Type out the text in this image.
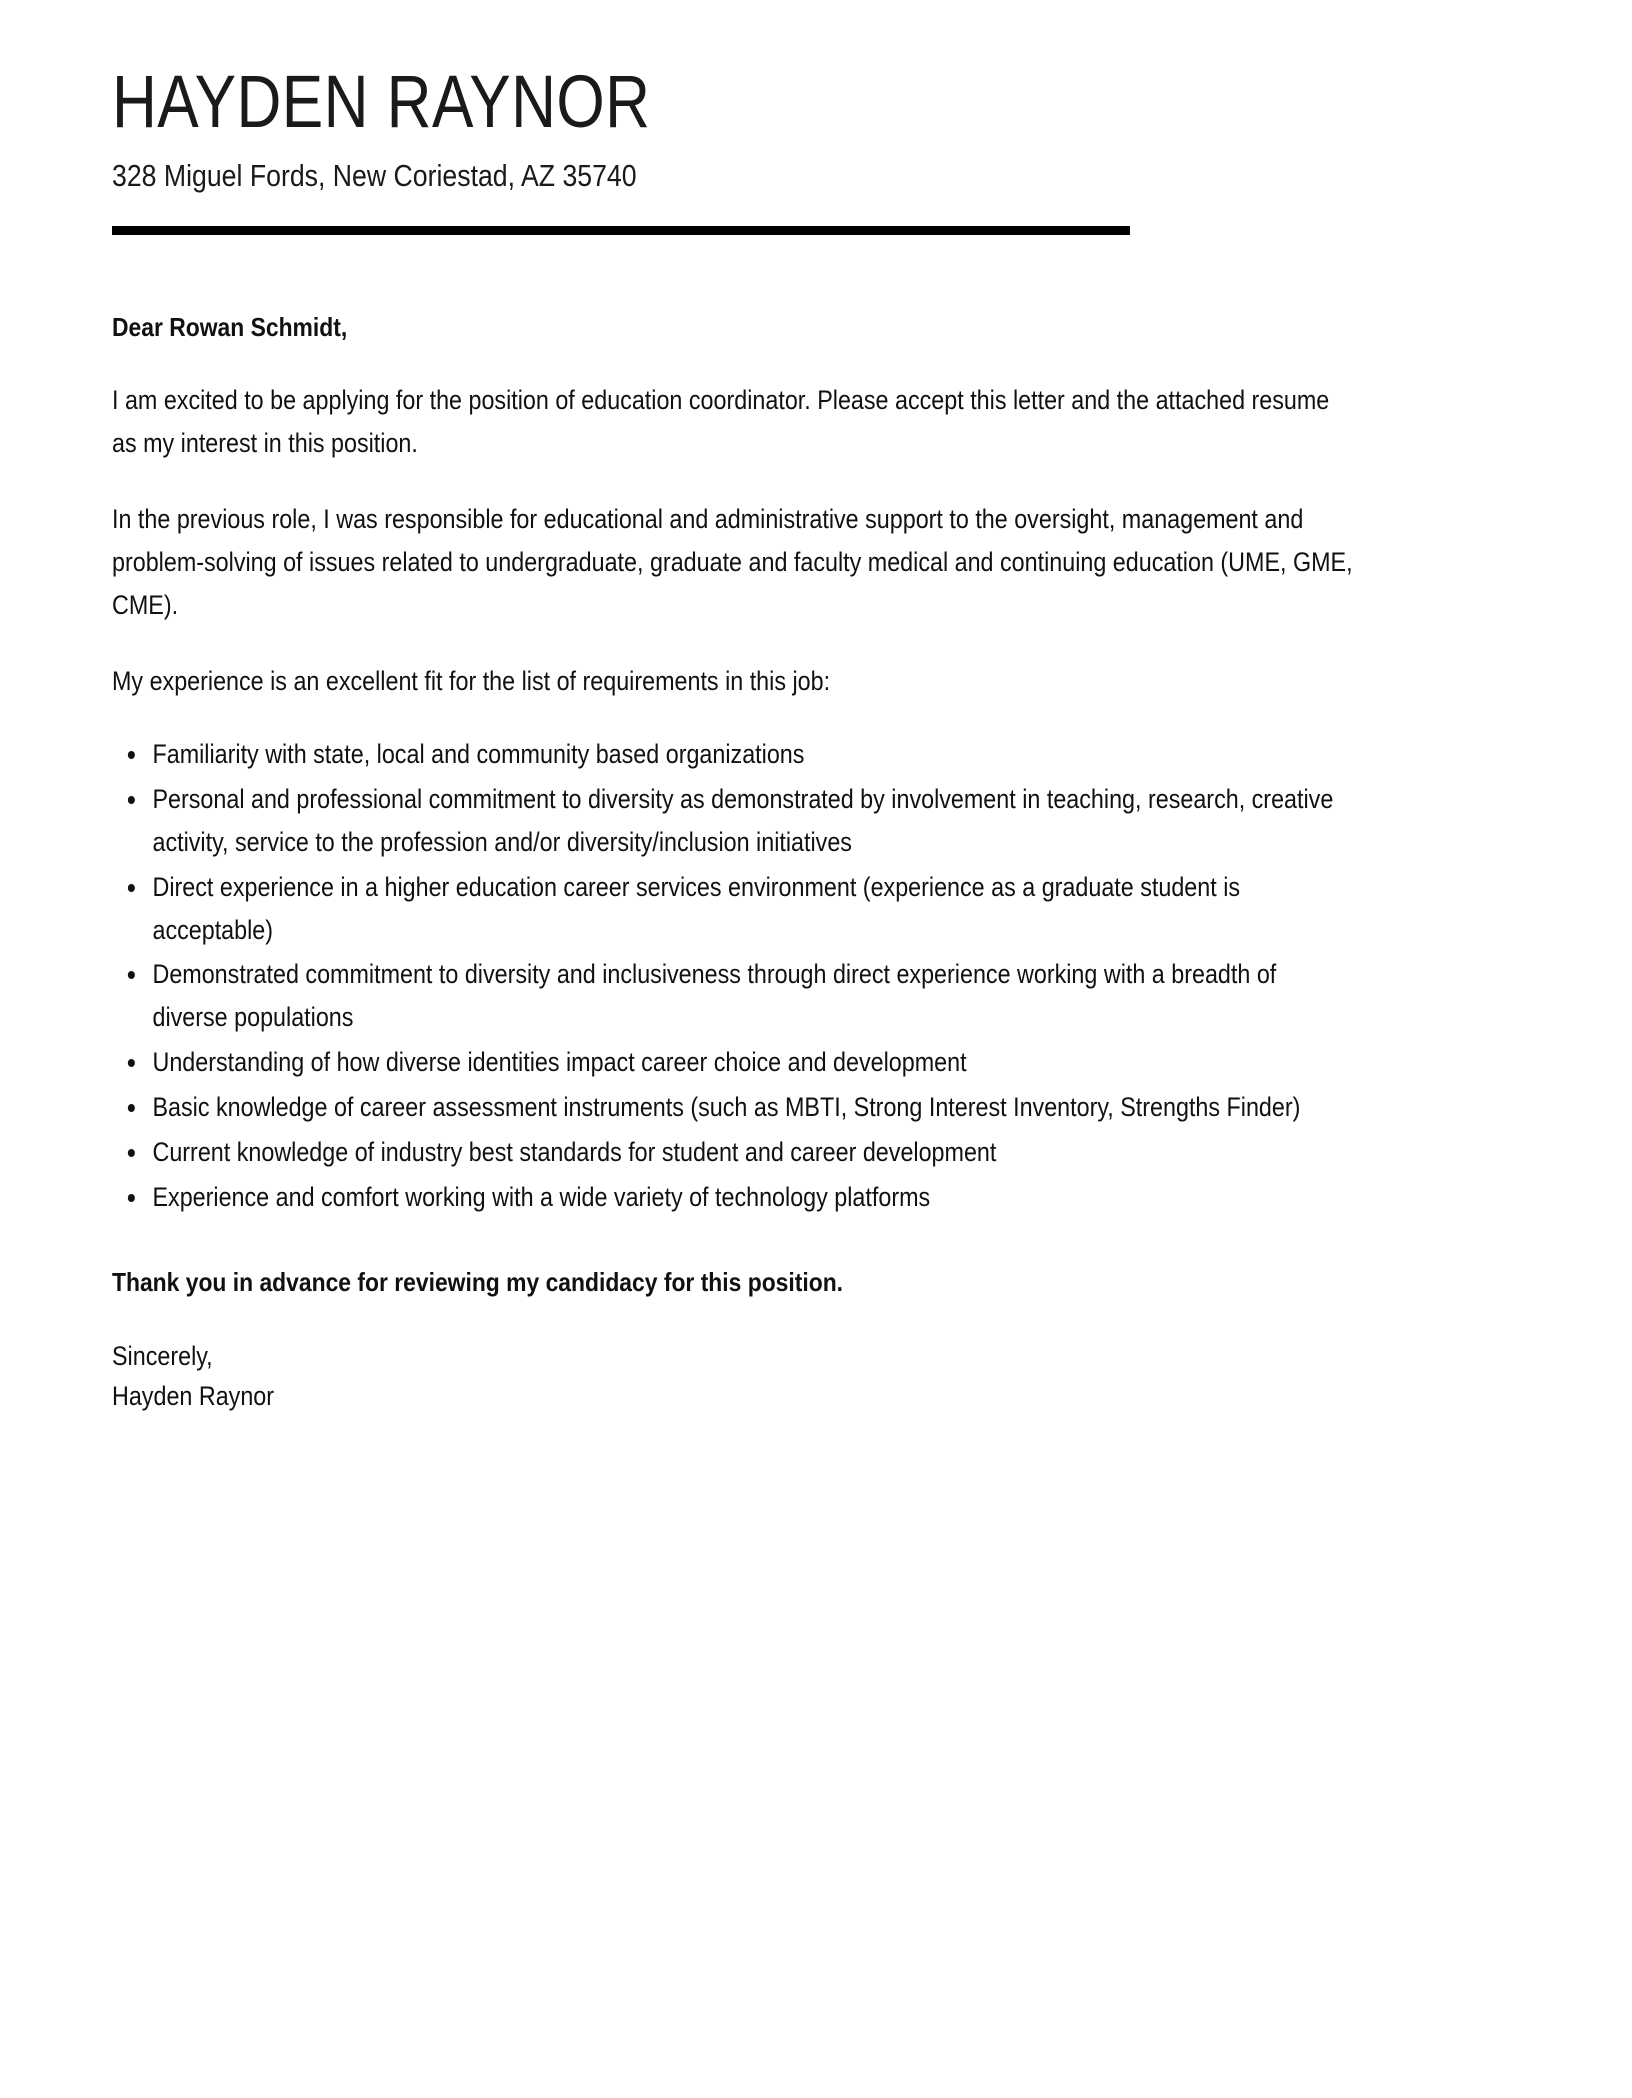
HAYDEN RAYNOR
328 Miguel Fords, New Coriestad, AZ 35740

Dear Rowan Schmidt,

I am excited to be applying for the position of education coordinator. Please accept this letter and the attached resume as my interest in this position.

In the previous role, I was responsible for educational and administrative support to the oversight, management and problem-solving of issues related to undergraduate, graduate and faculty medical and continuing education (UME, GME, CME).

My experience is an excellent fit for the list of requirements in this job:

Familiarity with state, local and community based organizations
Personal and professional commitment to diversity as demonstrated by involvement in teaching, research, creative activity, service to the profession and/or diversity/inclusion initiatives
Direct experience in a higher education career services environment (experience as a graduate student is acceptable)
Demonstrated commitment to diversity and inclusiveness through direct experience working with a breadth of diverse populations
Understanding of how diverse identities impact career choice and development
Basic knowledge of career assessment instruments (such as MBTI, Strong Interest Inventory, Strengths Finder)
Current knowledge of industry best standards for student and career development
Experience and comfort working with a wide variety of technology platforms

Thank you in advance for reviewing my candidacy for this position.

Sincerely,
Hayden Raynor
